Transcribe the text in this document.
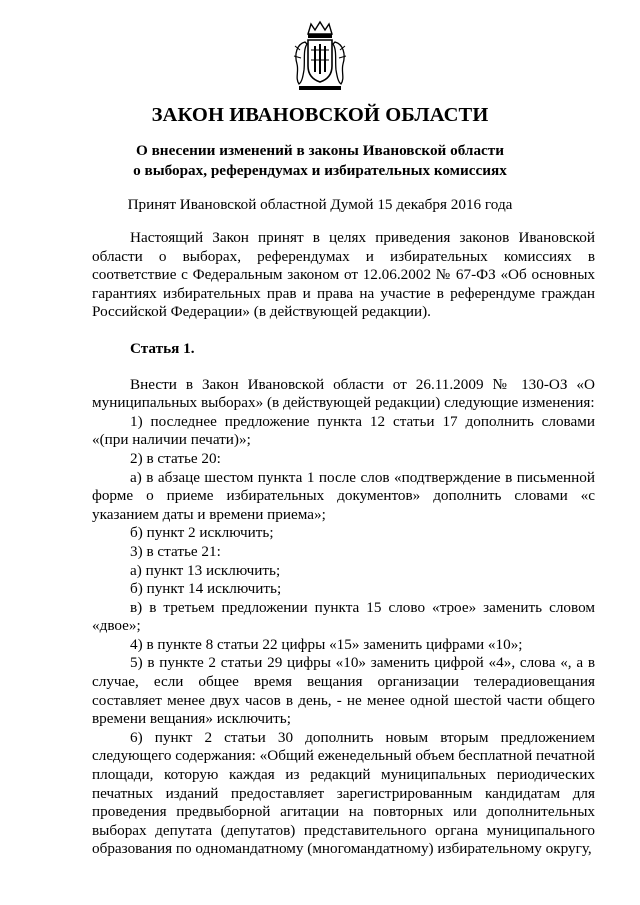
ЗАКОН ИВАНОВСКОЙ ОБЛАСТИ
О внесении изменений в законы Ивановской области
о выборах, референдумах и избирательных комиссиях
Принят Ивановской областной Думой 15 декабря 2016 года

Настоящий Закон принят в целях приведения законов Ивановской области о выборах, референдумах и избирательных комиссиях в соответствие с Федеральным законом от 12.06.2002 № 67-ФЗ «Об основных гарантиях избирательных прав и права на участие в референдуме граждан Российской Федерации» (в действующей редакции).

Статья 1.

Внести в Закон Ивановской области от 26.11.2009 № 130-ОЗ «О муниципальных выборах» (в действующей редакции) следующие изменения:

1) последнее предложение пункта 12 статьи 17 дополнить словами «(при наличии печати)»;

2) в статье 20:

а) в абзаце шестом пункта 1 после слов «подтверждение в письменной форме о приеме избирательных документов» дополнить словами «с указанием даты и времени приема»;

б) пункт 2 исключить;

3) в статье 21:

а) пункт 13 исключить;

б) пункт 14 исключить;

в) в третьем предложении пункта 15 слово «трое» заменить словом «двое»;

4) в пункте 8 статьи 22 цифры «15» заменить цифрами «10»;

5) в пункте 2 статьи 29 цифры «10» заменить цифрой «4», слова «, а в случае, если общее время вещания организации телерадиовещания составляет менее двух часов в день, - не менее одной шестой части общего времени вещания» исключить;

6) пункт 2 статьи 30 дополнить новым вторым предложением следующего содержания: «Общий еженедельный объем бесплатной печатной площади, которую каждая из редакций муниципальных периодических печатных изданий предоставляет зарегистрированным кандидатам для проведения предвыборной агитации на повторных или дополнительных выборах депутата (депутатов) представительного органа муниципального образования по одномандатному (многомандатному) избирательному округу,
